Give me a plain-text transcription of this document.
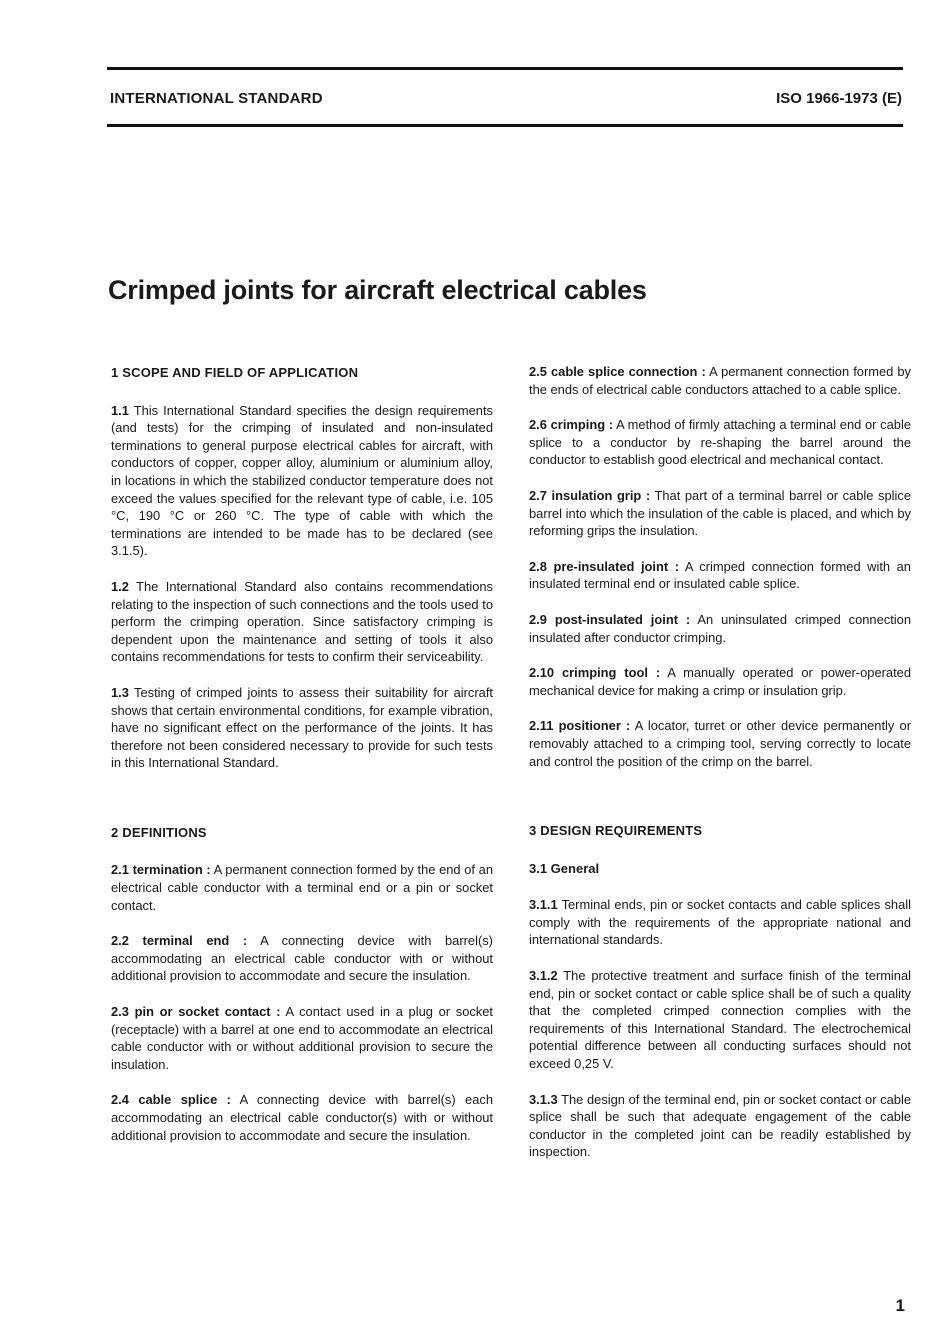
INTERNATIONAL STANDARD	ISO 1966-1973 (E)
Crimped joints for aircraft electrical cables
1 SCOPE AND FIELD OF APPLICATION

1.1 This International Standard specifies the design requirements (and tests) for the crimping of insulated and non-insulated terminations to general purpose electrical cables for aircraft, with conductors of copper, copper alloy, aluminium or aluminium alloy, in locations in which the stabilized conductor temperature does not exceed the values specified for the relevant type of cable, i.e. 105 °C, 190 °C or 260 °C. The type of cable with which the terminations are intended to be made has to be declared (see 3.1.5).

1.2 The International Standard also contains recommendations relating to the inspection of such connections and the tools used to perform the crimping operation. Since satisfactory crimping is dependent upon the maintenance and setting of tools it also contains recommendations for tests to confirm their serviceability.

1.3 Testing of crimped joints to assess their suitability for aircraft shows that certain environmental conditions, for example vibration, have no significant effect on the performance of the joints. It has therefore not been considered necessary to provide for such tests in this International Standard.

2 DEFINITIONS

2.1 termination : A permanent connection formed by the end of an electrical cable conductor with a terminal end or a pin or socket contact.

2.2 terminal end : A connecting device with barrel(s) accommodating an electrical cable conductor with or without additional provision to accommodate and secure the insulation.

2.3 pin or socket contact : A contact used in a plug or socket (receptacle) with a barrel at one end to accommodate an electrical cable conductor with or without additional provision to secure the insulation.

2.4 cable splice : A connecting device with barrel(s) each accommodating an electrical cable conductor(s) with or without additional provision to accommodate and secure the insulation.

2.5 cable splice connection : A permanent connection formed by the ends of electrical cable conductors attached to a cable splice.

2.6 crimping : A method of firmly attaching a terminal end or cable splice to a conductor by re-shaping the barrel around the conductor to establish good electrical and mechanical contact.

2.7 insulation grip : That part of a terminal barrel or cable splice barrel into which the insulation of the cable is placed, and which by reforming grips the insulation.

2.8 pre-insulated joint : A crimped connection formed with an insulated terminal end or insulated cable splice.

2.9 post-insulated joint : An uninsulated crimped connection insulated after conductor crimping.

2.10 crimping tool : A manually operated or power-operated mechanical device for making a crimp or insulation grip.

2.11 positioner : A locator, turret or other device permanently or removably attached to a crimping tool, serving correctly to locate and control the position of the crimp on the barrel.

3 DESIGN REQUIREMENTS
3.1 General

3.1.1 Terminal ends, pin or socket contacts and cable splices shall comply with the requirements of the appropriate national and international standards.

3.1.2 The protective treatment and surface finish of the terminal end, pin or socket contact or cable splice shall be of such a quality that the completed crimped connection complies with the requirements of this International Standard. The electrochemical potential difference between all conducting surfaces should not exceed 0,25 V.

3.1.3 The design of the terminal end, pin or socket contact or cable splice shall be such that adequate engagement of the cable conductor in the completed joint can be readily established by inspection.

1
